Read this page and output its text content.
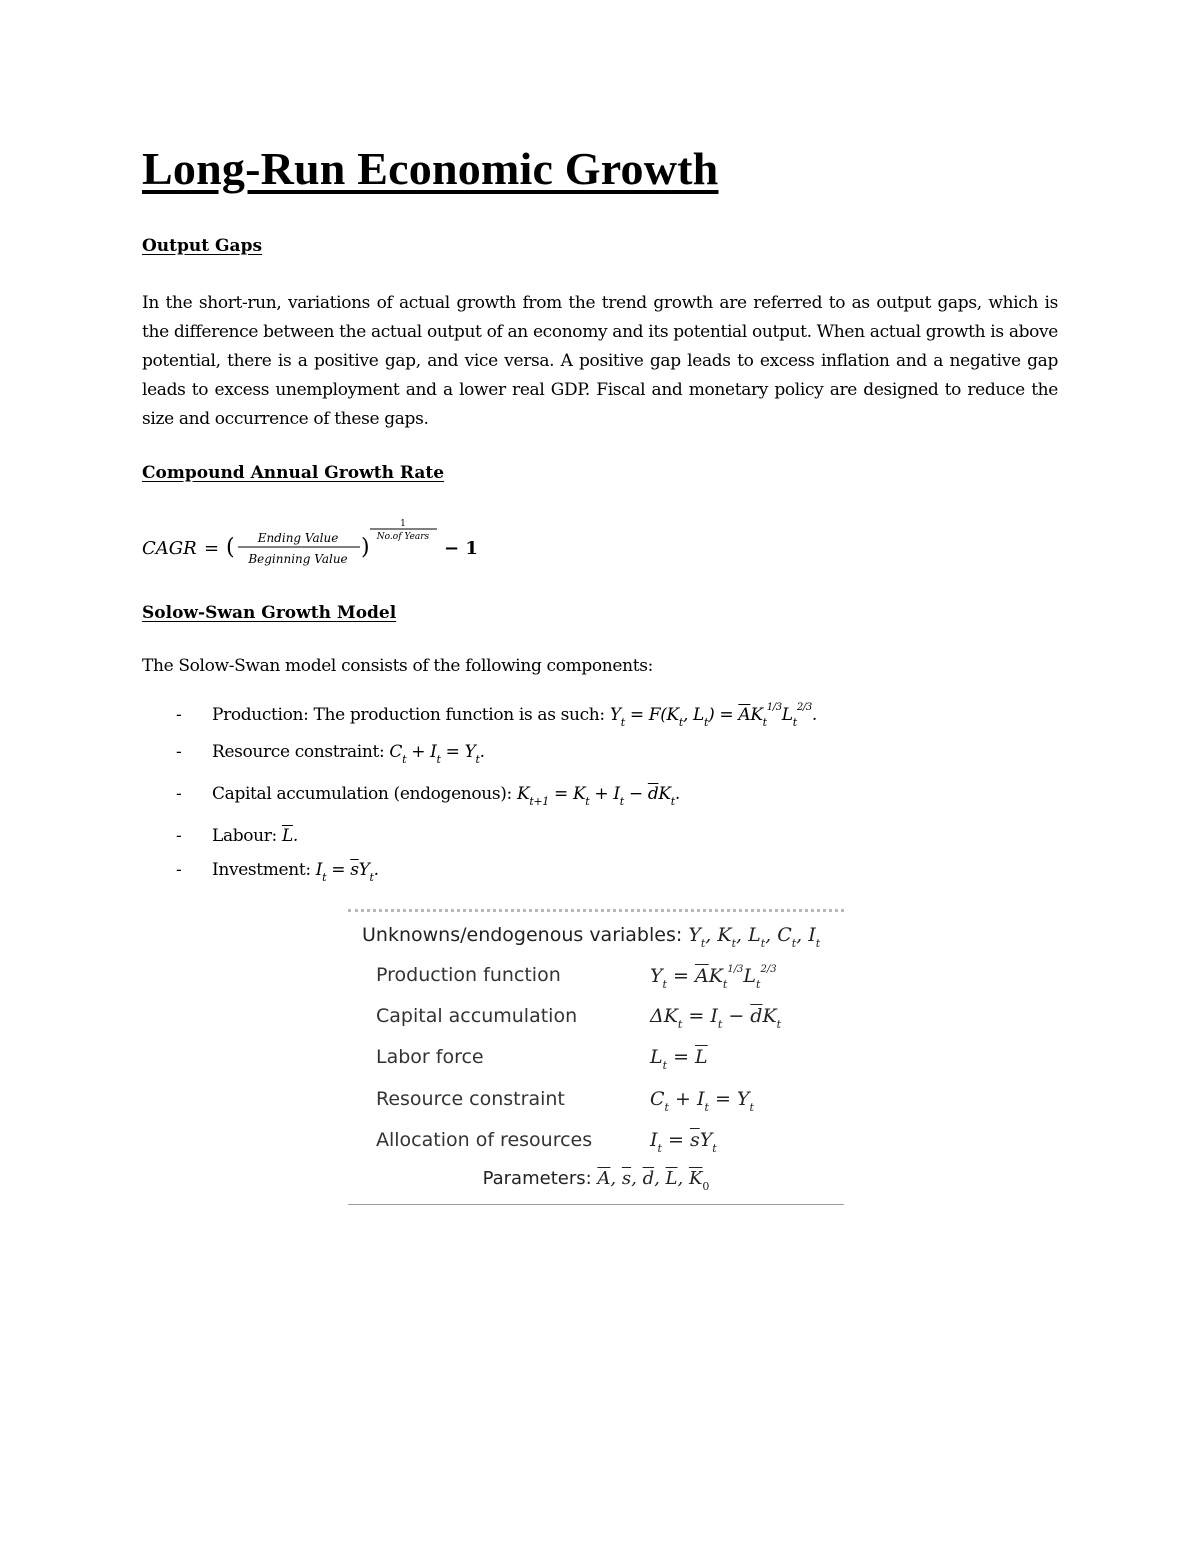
Long-Run Economic Growth
Output Gaps

In the short-run, variations of actual growth from the trend growth are referred to as output gaps, which is the difference between the actual output of an economy and its potential output. When actual growth is above potential, there is a positive gap, and vice versa. A positive gap leads to excess inflation and a negative gap leads to excess unemployment and a lower real GDP. Fiscal and monetary policy are designed to reduce the size and occurrence of these gaps.

Compound Annual Growth Rate
CAGR = ( Ending Value
Beginning Value )
1
No.of Years
− 1
Solow-Swan Growth Model

The Solow-Swan model consists of the following components:

- Production: The production function is as such: $Y_t = F(K_t$, $L_t) = \overline{A}K_t^{1/3}L_t^{2/3}$.
- Resource constraint: $C_t + I_t = Y_t$.
- Capital accumulation (endogenous): $K_{t+1} = K_t + I_t - \overline{d}K_t$.
- Labour: $\overline{L}$.
- Investment: $I_t = \overline{s}Y_t$.
Unknowns/endogenous variables: $Y_t$, $K_t$, $L_t$, $C_t$, $I_t$
Production function	$Y_t = \overline{A}K_t^{1/3}L_t^{2/3}$
Capital accumulation	$\Delta K_t = I_t - \overline{d}K_t$
Labor force	$L_t = \overline{L}$
Resource constraint	$C_t + I_t = Y_t$
Allocation of resources	$I_t = \overline{s}Y_t$
Parameters: $\overline{A}$, $\overline{s}$, $\overline{d}$, $\overline{L}$, $\overline{K}_0$
